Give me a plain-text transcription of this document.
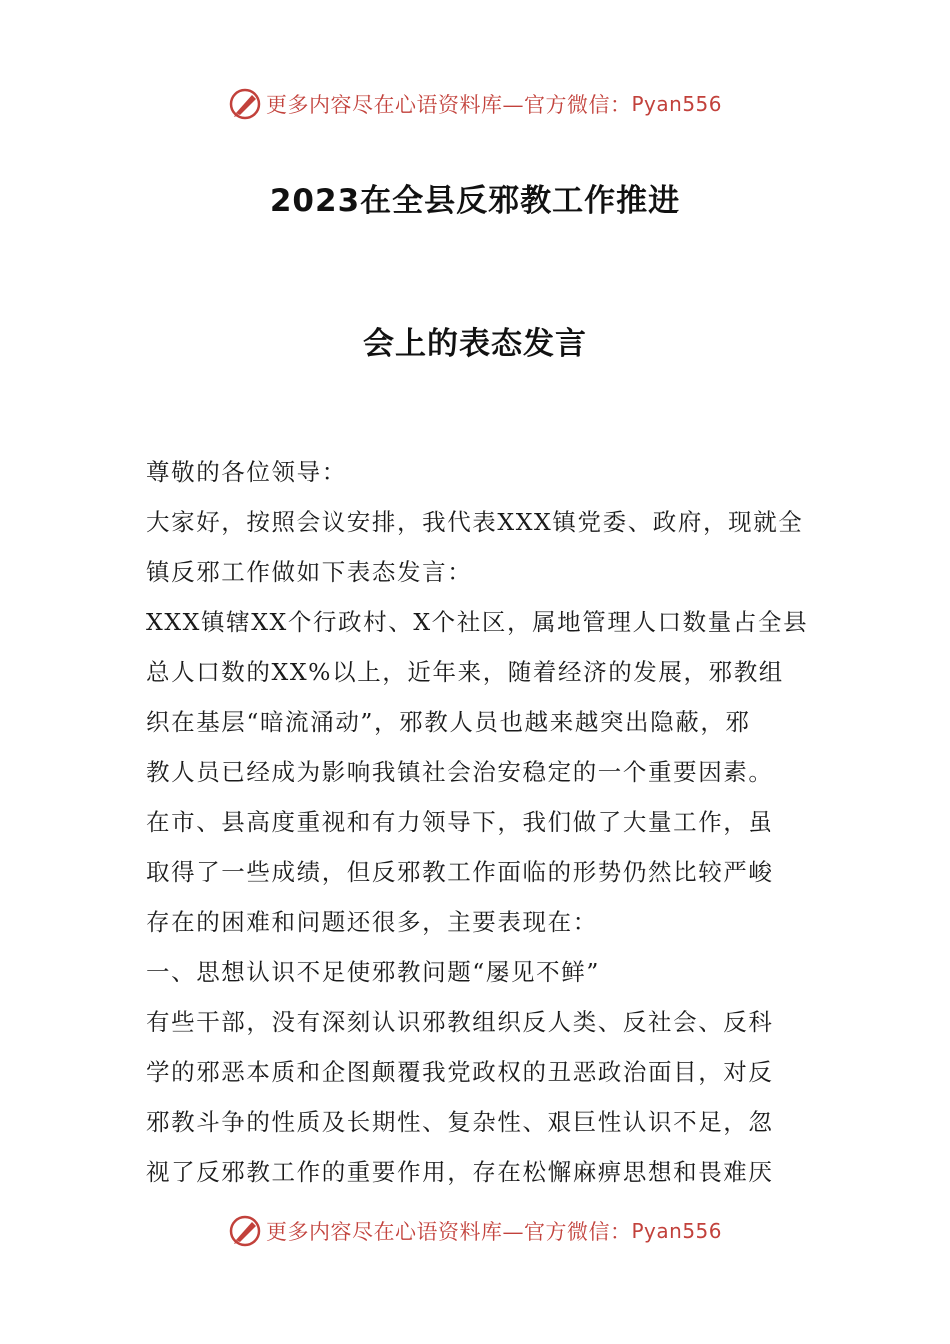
更多内容尽在心语资料库—官方微信： Pyan556
2023在全县反邪教工作推进
会上的表态发言

尊敬的各位领导：

大家好，按照会议安排，我代表XXX镇党委、政府，现就全

镇反邪工作做如下表态发言：

XXX镇辖XX个行政村、X个社区，属地管理人口数量占全县

总人口数的XX%以上，近年来，随着经济的发展，邪教组

织在基层“暗流涌动”，邪教人员也越来越突出隐蔽，邪

教人员已经成为影响我镇社会治安稳定的一个重要因素。

在市、县高度重视和有力领导下，我们做了大量工作，虽

取得了一些成绩，但反邪教工作面临的形势仍然比较严峻

存在的困难和问题还很多，主要表现在：

一、思想认识不足使邪教问题“屡见不鲜”

有些干部，没有深刻认识邪教组织反人类、反社会、反科

学的邪恶本质和企图颠覆我党政权的丑恶政治面目，对反

邪教斗争的性质及长期性、复杂性、艰巨性认识不足，忽

视了反邪教工作的重要作用，存在松懈麻痹思想和畏难厌

更多内容尽在心语资料库—官方微信： Pyan556
